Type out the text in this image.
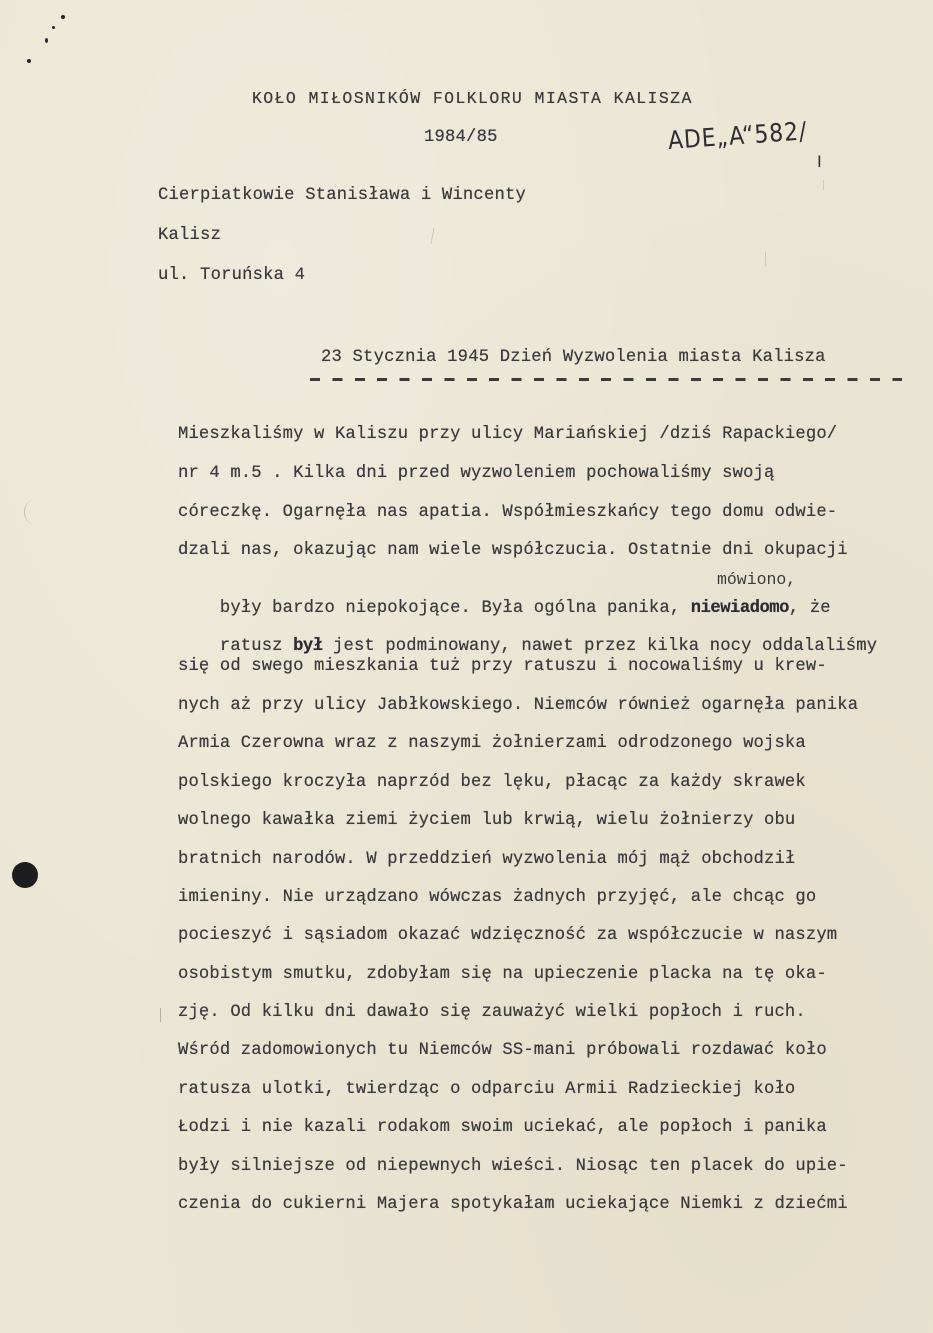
KOŁO MIŁOSNIKÓW FOLKLORU MIASTA KALISZA
1984/85	ADE„A“582/
I
Cierpiatkowie Stanisława i Wincenty
Kalisz
ul. Toruńska 4
23 Stycznia 1945 Dzień Wyzwolenia miasta Kalisza
mówiono,
Mieszkaliśmy w Kaliszu przy ulicy Mariańskiej /dziś Rapackiego/
nr 4 m.5 . Kilka dni przed wyzwoleniem pochowaliśmy swoją
córeczkę. Ogarnęła nas apatia. Współmieszkańcy tego domu odwie-
dzali nas, okazując nam wiele współczucia. Ostatnie dni okupacji

były bardzo niepokojące. Była ogólna panika, niewiadomo, że

ratusz był jest podminowany, nawet przez kilka nocy oddalaliśmy

się od swego mieszkania tuż przy ratuszu i nocowaliśmy u krew-
nych aż przy ulicy Jabłkowskiego. Niemców również ogarnęła panika
Armia Czerowna wraz z naszymi żołnierzami odrodzonego wojska
polskiego kroczyła naprzód bez lęku, płacąc za każdy skrawek
wolnego kawałka ziemi życiem lub krwią, wielu żołnierzy obu
bratnich narodów. W przeddzień wyzwolenia mój mąż obchodził
imieniny. Nie urządzano wówczas żadnych przyjęć, ale chcąc go
pocieszyć i sąsiadom okazać wdzięczność za współczucie w naszym
osobistym smutku, zdobyłam się na upieczenie placka na tę oka-
zję. Od kilku dni dawało się zauważyć wielki popłoch i ruch.
Wśród zadomowionych tu Niemców SS-mani próbowali rozdawać koło
ratusza ulotki, twierdząc o odparciu Armii Radzieckiej koło
Łodzi i nie kazali rodakom swoim uciekać, ale popłoch i panika
były silniejsze od niepewnych wieści. Niosąc ten placek do upie-
czenia do cukierni Majera spotykałam uciekające Niemki z dziećmi
